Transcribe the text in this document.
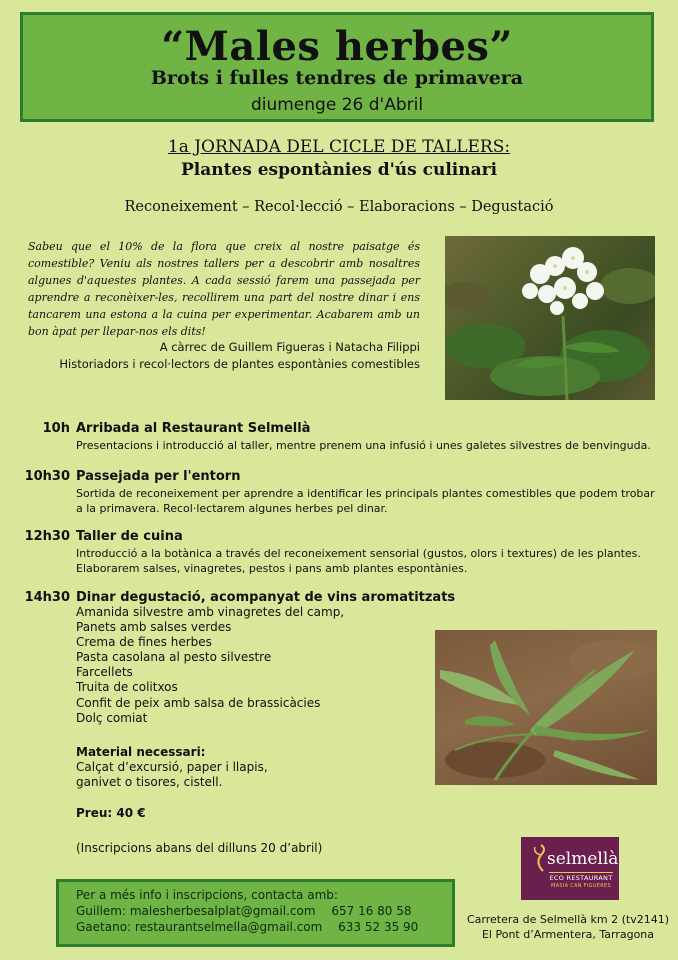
“Males herbes”
Brots i fulles tendres de primavera
diumenge 26 d'Abril
1a JORNADA DEL CICLE DE TALLERS:
Plantes espontànies d'ús culinari
Reconeixement – Recol·lecció – Elaboracions – Degustació
Sabeu que el 10% de la flora que creix al nostre paisatge és comestible? Veniu als nostres tallers per a descobrir amb nosaltres algunes d'aquestes plantes. A cada sessió farem una passejada per aprendre a reconèixer-les, recollirem una part del nostre dinar i ens tancarem una estona a la cuina per experimentar. Acabarem amb un bon àpat per llepar-nos els dits!
A càrrec de Guillem Figueras i Natacha Filippi
Historiadors i recol·lectors de plantes espontànies comestibles
10h Arribada al Restaurant Selmellà
Presentacions i introducció al taller, mentre prenem una infusió i unes galetes silvestres de benvinguda.
10h30 Passejada per l'entorn
Sortida de reconeixement per aprendre a identificar les principals plantes comestibles que podem trobar a la primavera. Recol·lectarem algunes herbes pel dinar.
12h30 Taller de cuina
Introducció a la botànica a través del reconeixement sensorial (gustos, olors i textures) de les plantes. Elaborarem salses, vinagretes, pestos i pans amb plantes espontànies.
14h30 Dinar degustació, acompanyat de vins aromatitzats
Amanida silvestre amb vinagretes del camp,
Panets amb salses verdes
Crema de fines herbes
Pasta casolana al pesto silvestre
Farcellets
Truita de colitxos
Confit de peix amb salsa de brassicàcies
Dolç comiat
Material necessari:
Calçat d’excursió, paper i llapis,
ganivet o tisores, cistell.
Preu: 40 €
(Inscripcions abans del dilluns 20 d’abril)
Per a més info i inscripcions, contacta amb:
Guillem: malesherbesalplat@gmail.com 657 16 80 58
Gaetano: restaurantselmella@gmail.com 633 52 35 90
selmellà
ECO RESTAURANT
MASIA CAN FIGUERES
Carretera de Selmellà km 2 (tv2141)
El Pont d’Armentera, Tarragona
